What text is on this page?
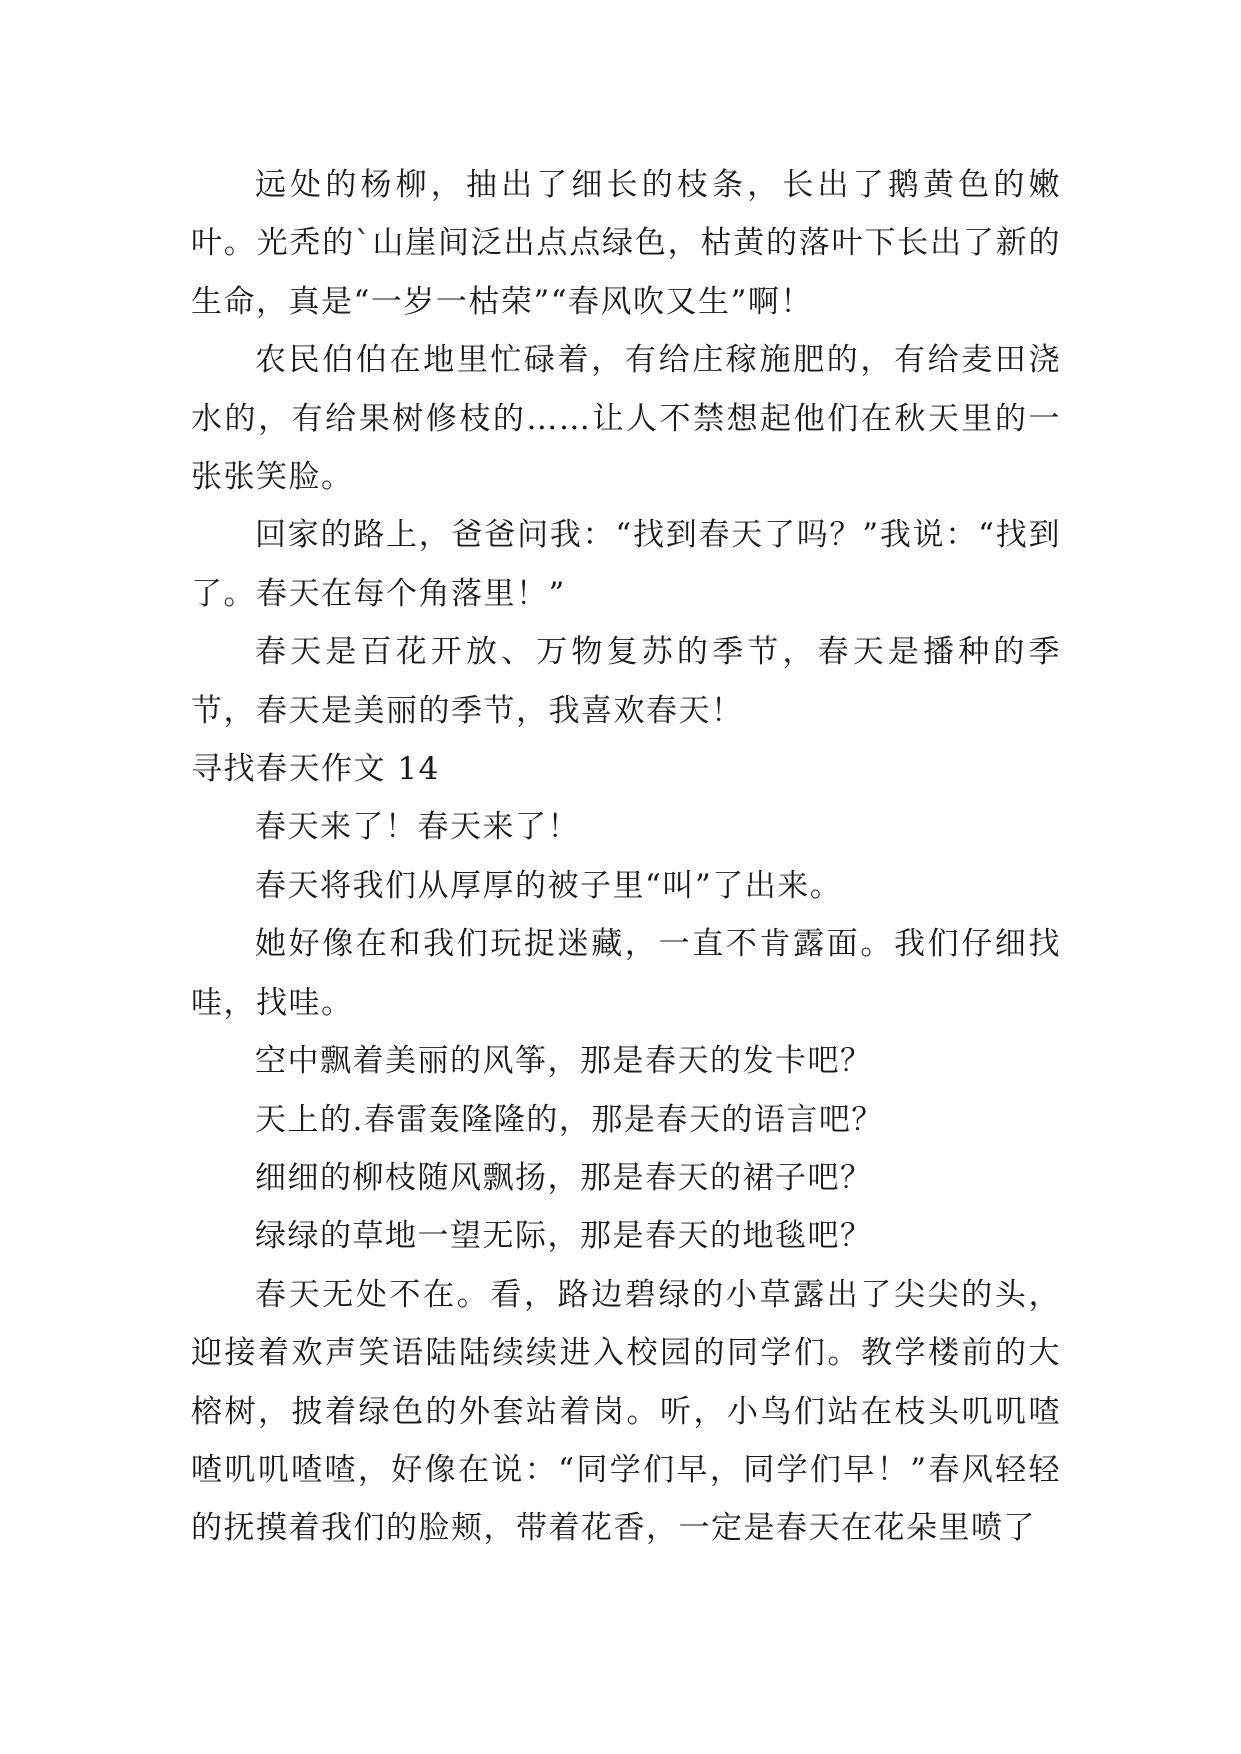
远处的杨柳，抽出了细长的枝条，长出了鹅黄色的嫩叶。光秃的`山崖间泛出点点绿色，枯黄的落叶下长出了新的生命，真是“一岁一枯荣”“春风吹又生”啊！

农民伯伯在地里忙碌着，有给庄稼施肥的，有给麦田浇水的，有给果树修枝的……让人不禁想起他们在秋天里的一张张笑脸。

回家的路上，爸爸问我：“找到春天了吗？”我说：“找到了。春天在每个角落里！”

春天是百花开放、万物复苏的季节，春天是播种的季节，春天是美丽的季节，我喜欢春天！

寻找春天作文 14

春天来了！春天来了！

春天将我们从厚厚的被子里“叫”了出来。

她好像在和我们玩捉迷藏，一直不肯露面。我们仔细找哇，找哇。

空中飘着美丽的风筝，那是春天的发卡吧？

天上的.春雷轰隆隆的，那是春天的语言吧？

细细的柳枝随风飘扬，那是春天的裙子吧？

绿绿的草地一望无际，那是春天的地毯吧？

春天无处不在。看，路边碧绿的小草露出了尖尖的头，迎接着欢声笑语陆陆续续进入校园的同学们。教学楼前的大榕树，披着绿色的外套站着岗。听，小鸟们站在枝头叽叽喳喳叽叽喳喳，好像在说：“同学们早，同学们早！”春风轻轻的抚摸着我们的脸颊，带着花香，一定是春天在花朵里喷了
